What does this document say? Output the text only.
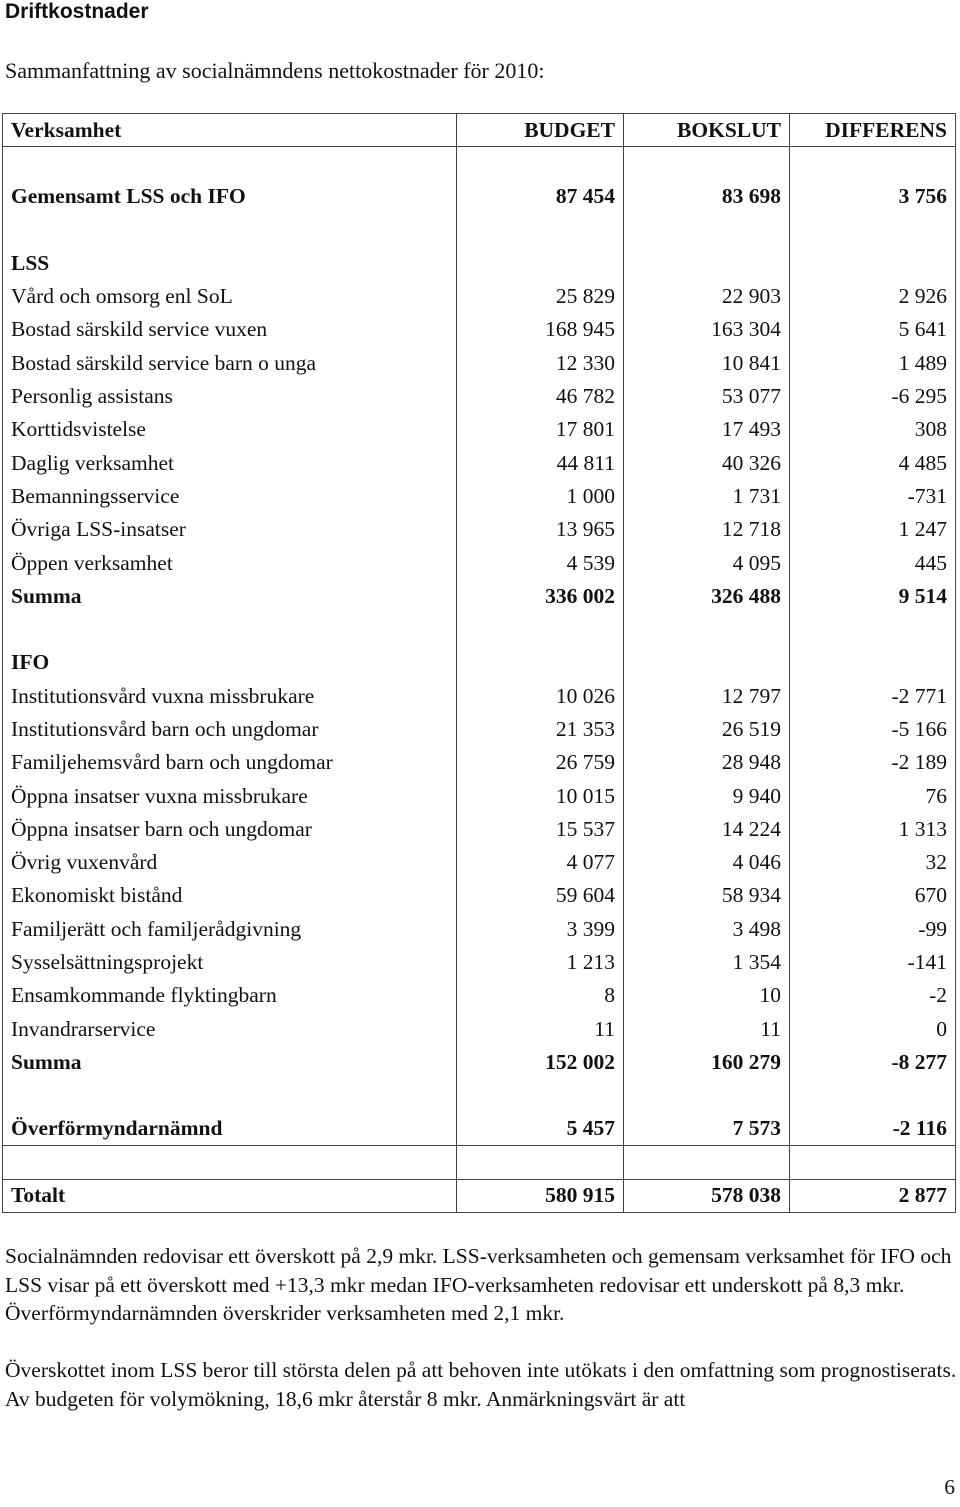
Driftkostnader

Sammanfattning av socialnämndens nettokostnader för 2010:

Verksamhet	BUDGET	BOKSLUT	DIFFERENS

Gemensamt LSS och IFO	87 454	83 698	3 756

LSS			
Vård och omsorg enl SoL	25 829	22 903	2 926
Bostad särskild service vuxen	168 945	163 304	5 641
Bostad särskild service barn o unga	12 330	10 841	1 489
Personlig assistans	46 782	53 077	-6 295
Korttidsvistelse	17 801	17 493	308
Daglig verksamhet	44 811	40 326	4 485
Bemanningsservice	1 000	1 731	-731
Övriga LSS-insatser	13 965	12 718	1 247
Öppen verksamhet	4 539	4 095	445
Summa	336 002	326 488	9 514

IFO			
Institutionsvård vuxna missbrukare	10 026	12 797	-2 771
Institutionsvård barn och ungdomar	21 353	26 519	-5 166
Familjehemsvård barn och ungdomar	26 759	28 948	-2 189
Öppna insatser vuxna missbrukare	10 015	9 940	76
Öppna insatser barn och ungdomar	15 537	14 224	1 313
Övrig vuxenvård	4 077	4 046	32
Ekonomiskt bistånd	59 604	58 934	670
Familjerätt och familjerådgivning	3 399	3 498	-99
Sysselsättningsprojekt	1 213	1 354	-141
Ensamkommande flyktingbarn	8	10	-2
Invandrarservice	11	11	0
Summa	152 002	160 279	-8 277

Överförmyndarnämnd	5 457	7 573	-2 116

Totalt	580 915	578 038	2 877

Socialnämnden redovisar ett överskott på 2,9 mkr. LSS-verksamheten och gemensam verksamhet för IFO och LSS visar på ett överskott med +13,3 mkr medan IFO-verksamheten redovisar ett underskott på 8,3 mkr. Överförmyndarnämnden överskrider verksamheten med 2,1 mkr.

Överskottet inom LSS beror till största delen på att behoven inte utökats i den omfattning som prognostiserats. Av budgeten för volymökning, 18,6 mkr återstår 8 mkr. Anmärkningsvärt är att

6
